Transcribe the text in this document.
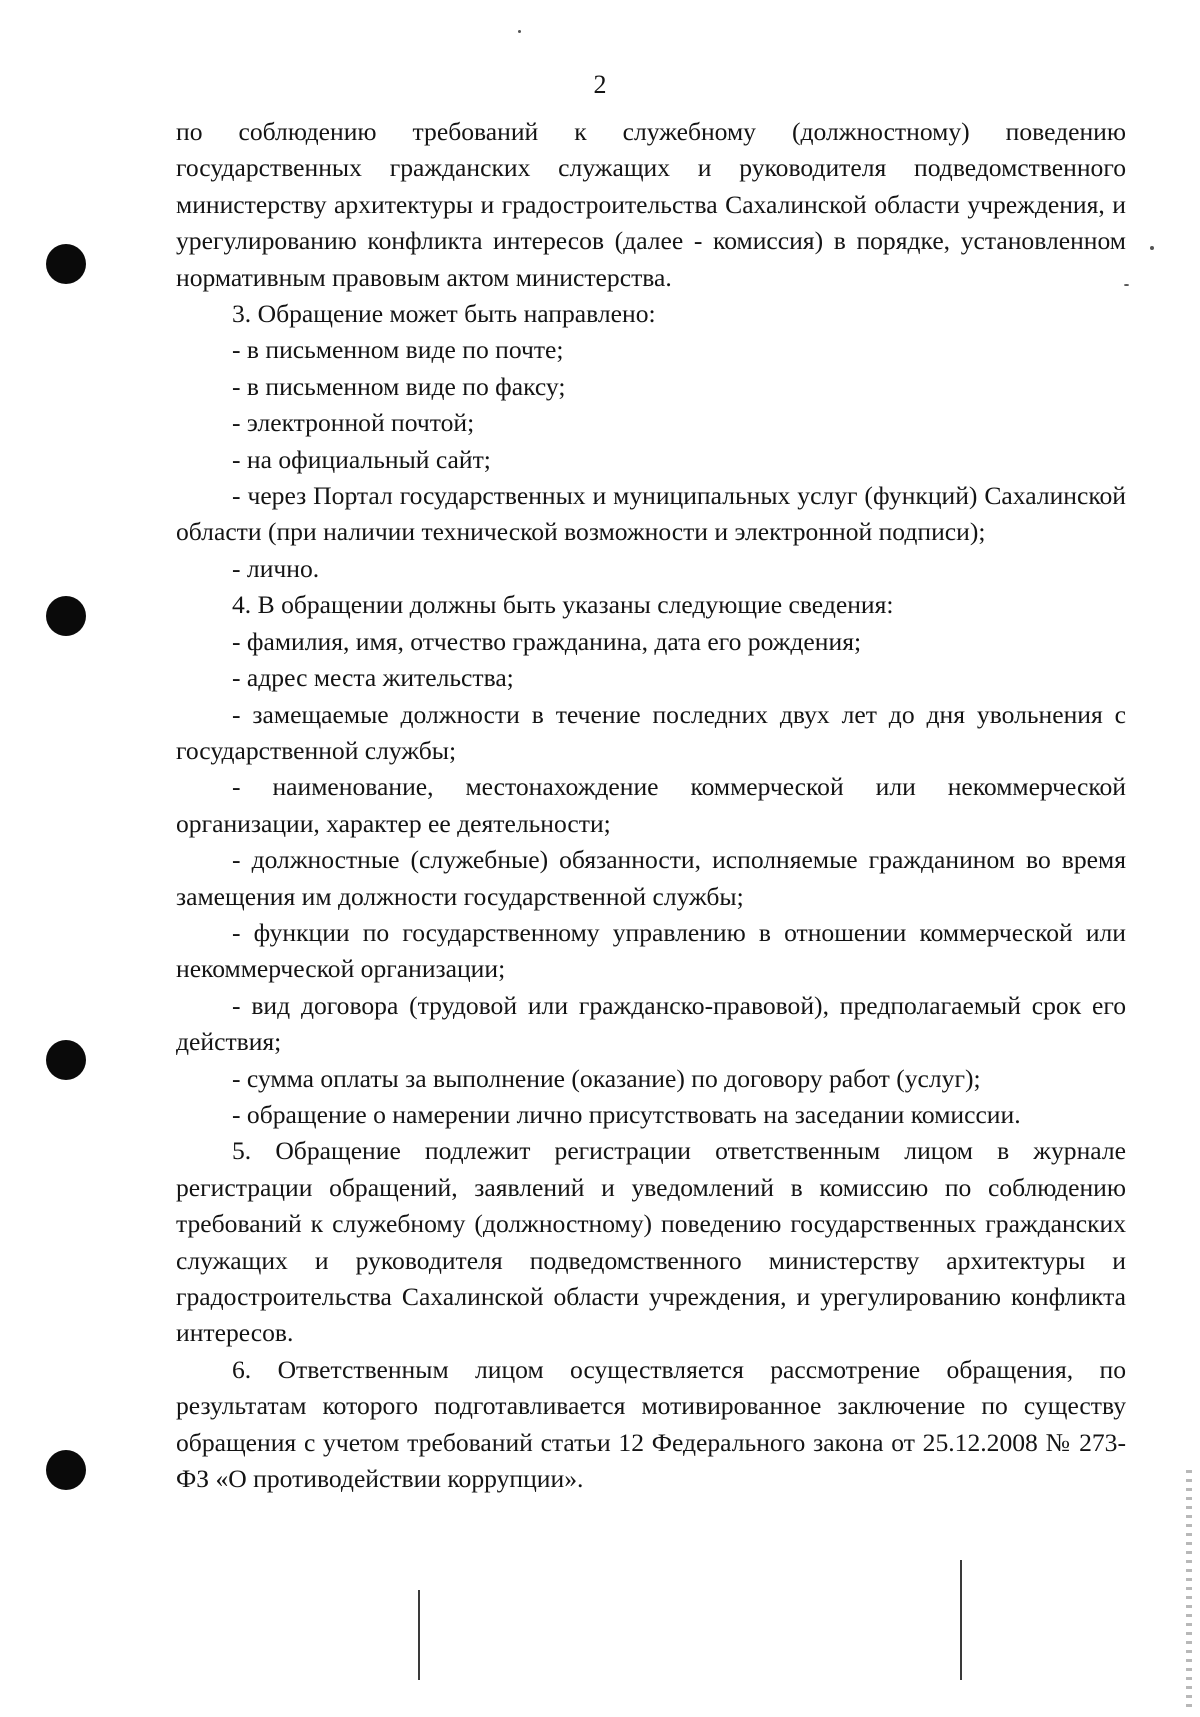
2

по соблюдению требований к служебному (должностному) поведению государственных гражданских служащих и руководителя подведомственного министерству архитектуры и градостроительства Сахалинской области учреждения, и урегулированию конфликта интересов (далее - комиссия) в порядке, установленном нормативным правовым актом министерства.

3. Обращение может быть направлено:

- в письменном виде по почте;

- в письменном виде по факсу;

- электронной почтой;

- на официальный сайт;

- через Портал государственных и муниципальных услуг (функций) Сахалинской области (при наличии технической возможности и электронной подписи);

- лично.

4. В обращении должны быть указаны следующие сведения:

- фамилия, имя, отчество гражданина, дата его рождения;

- адрес места жительства;

- замещаемые должности в течение последних двух лет до дня увольнения с государственной службы;

- наименование, местонахождение коммерческой или некоммерческой организации, характер ее деятельности;

- должностные (служебные) обязанности, исполняемые гражданином во время замещения им должности государственной службы;

- функции по государственному управлению в отношении коммерческой или некоммерческой организации;

- вид договора (трудовой или гражданско-правовой), предполагаемый срок его действия;

- сумма оплаты за выполнение (оказание) по договору работ (услуг);

- обращение о намерении лично присутствовать на заседании комиссии.

5. Обращение подлежит регистрации ответственным лицом в журнале регистрации обращений, заявлений и уведомлений в комиссию по соблюдению требований к служебному (должностному) поведению государственных гражданских служащих и руководителя подведомственного министерству архитектуры и градостроительства Сахалинской области учреждения, и урегулированию конфликта интересов.

6. Ответственным лицом осуществляется рассмотрение обращения, по результатам которого подготавливается мотивированное заключение по существу обращения с учетом требований статьи 12 Федерального закона от 25.12.2008 № 273-ФЗ «О противодействии коррупции».
